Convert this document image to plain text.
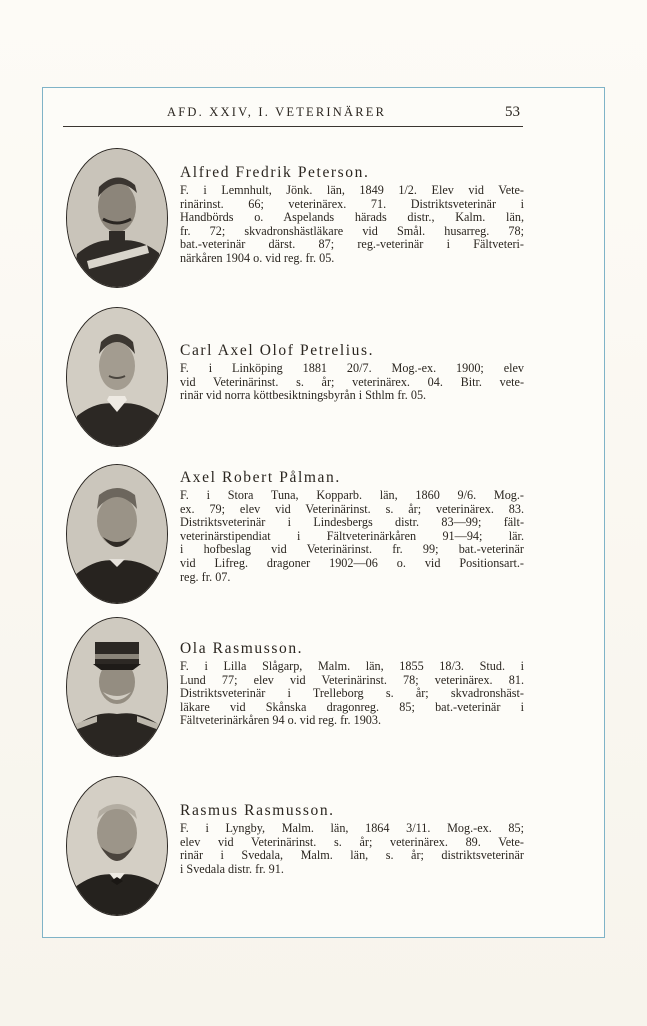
AFD. XXIV, I. VETERINÄRER	53
Alfred Fredrik Peterson.
F. i Lemnhult, Jönk. län, 1849 1/2. Elev vid Vete-
rinärinst. 66; veterinärex. 71. Distriktsveterinär i
Handbörds o. Aspelands härads distr., Kalm. län,
fr. 72; skvadronshästläkare vid Smål. husarreg. 78;
bat.-veterinär därst. 87; reg.-veterinär i Fältveteri-
närkåren 1904 o. vid reg. fr. 05.
Carl Axel Olof Petrelius.
F. i Linköping 1881 20/7. Mog.-ex. 1900; elev
vid Veterinärinst. s. år; veterinärex. 04. Bitr. vete-
rinär vid norra köttbesiktningsbyrån i Sthlm fr. 05.
Axel Robert Pålman.
F. i Stora Tuna, Kopparb. län, 1860 9/6. Mog.-
ex. 79; elev vid Veterinärinst. s. år; veterinärex. 83.
Distriktsveterinär i Lindesbergs distr. 83—99; fält-
veterinärstipendiat i Fältveterinärkåren 91—94; lär.
i hofbeslag vid Veterinärinst. fr. 99; bat.-veterinär
vid Lifreg. dragoner 1902—06 o. vid Positionsart.-
reg. fr. 07.
Ola Rasmusson.
F. i Lilla Slågarp, Malm. län, 1855 18/3. Stud. i
Lund 77; elev vid Veterinärinst. 78; veterinärex. 81.
Distriktsveterinär i Trelleborg s. år; skvadronshäst-
läkare vid Skånska dragonreg. 85; bat.-veterinär i
Fältveterinärkåren 94 o. vid reg. fr. 1903.
Rasmus Rasmusson.
F. i Lyngby, Malm. län, 1864 3/11. Mog.-ex. 85;
elev vid Veterinärinst. s. år; veterinärex. 89. Vete-
rinär i Svedala, Malm. län, s. år; distriktsveterinär
i Svedala distr. fr. 91.
